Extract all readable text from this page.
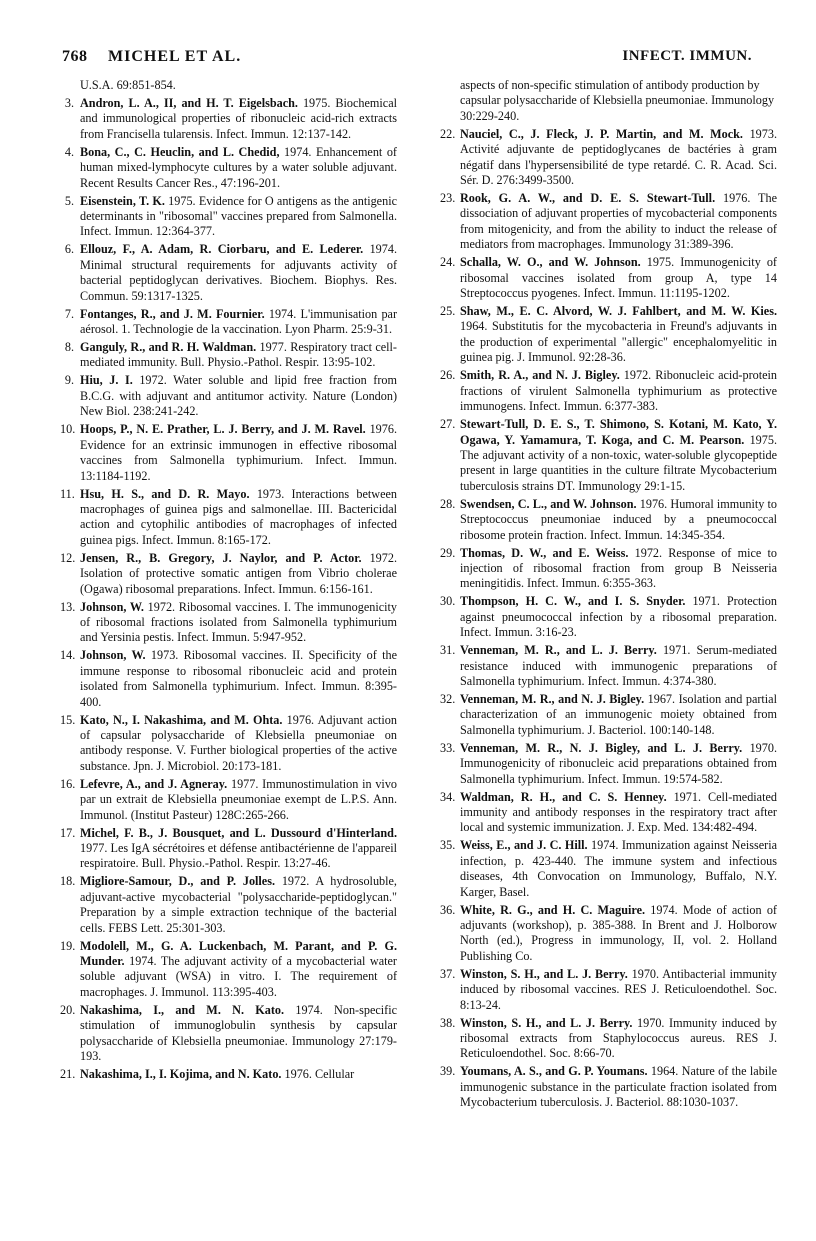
768 MICHEL ET AL.	INFECT. IMMUN.
U.S.A. 69:851-854.
3. Andron, L. A., II, and H. T. Eigelsbach. 1975. Biochemical and immunological properties of ribonucleic acid-rich extracts from Francisella tularensis. Infect. Immun. 12:137-142.
4. Bona, C., C. Heuclin, and L. Chedid, 1974. Enhancement of human mixed-lymphocyte cultures by a water soluble adjuvant. Recent Results Cancer Res., 47:196-201.
5. Eisenstein, T. K. 1975. Evidence for O antigens as the antigenic determinants in "ribosomal" vaccines prepared from Salmonella. Infect. Immun. 12:364-377.
6. Ellouz, F., A. Adam, R. Ciorbaru, and E. Lederer. 1974. Minimal structural requirements for adjuvants activity of bacterial peptidoglycan derivatives. Biochem. Biophys. Res. Commun. 59:1317-1325.
7. Fontanges, R., and J. M. Fournier. 1974. L'immunisation par aérosol. 1. Technologie de la vaccination. Lyon Pharm. 25:9-31.
8. Ganguly, R., and R. H. Waldman. 1977. Respiratory tract cell-mediated immunity. Bull. Physio.-Pathol. Respir. 13:95-102.
9. Hiu, J. I. 1972. Water soluble and lipid free fraction from B.C.G. with adjuvant and antitumor activity. Nature (London) New Biol. 238:241-242.
10. Hoops, P., N. E. Prather, L. J. Berry, and J. M. Ravel. 1976. Evidence for an extrinsic immunogen in effective ribosomal vaccines from Salmonella typhimurium. Infect. Immun. 13:1184-1192.
11. Hsu, H. S., and D. R. Mayo. 1973. Interactions between macrophages of guinea pigs and salmonellae. III. Bactericidal action and cytophilic antibodies of macrophages of infected guinea pigs. Infect. Immun. 8:165-172.
12. Jensen, R., B. Gregory, J. Naylor, and P. Actor. 1972. Isolation of protective somatic antigen from Vibrio cholerae (Ogawa) ribosomal preparations. Infect. Immun. 6:156-161.
13. Johnson, W. 1972. Ribosomal vaccines. I. The immunogenicity of ribosomal fractions isolated from Salmonella typhimurium and Yersinia pestis. Infect. Immun. 5:947-952.
14. Johnson, W. 1973. Ribosomal vaccines. II. Specificity of the immune response to ribosomal ribonucleic acid and protein isolated from Salmonella typhimurium. Infect. Immun. 8:395-400.
15. Kato, N., I. Nakashima, and M. Ohta. 1976. Adjuvant action of capsular polysaccharide of Klebsiella pneumoniae on antibody response. V. Further biological properties of the active substance. Jpn. J. Microbiol. 20:173-181.
16. Lefevre, A., and J. Agneray. 1977. Immunostimulation in vivo par un extrait de Klebsiella pneumoniae exempt de L.P.S. Ann. Immunol. (Institut Pasteur) 128C:265-266.
17. Michel, F. B., J. Bousquet, and L. Dussourd d'Hinterland. 1977. Les IgA sécrétoires et défense antibactérienne de l'appareil respiratoire. Bull. Physio.-Pathol. Respir. 13:27-46.
18. Migliore-Samour, D., and P. Jolles. 1972. A hydrosoluble, adjuvant-active mycobacterial "polysaccharide-peptidoglycan." Preparation by a simple extraction technique of the bacterial cells. FEBS Lett. 25:301-303.
19. Modolell, M., G. A. Luckenbach, M. Parant, and P. G. Munder. 1974. The adjuvant activity of a mycobacterial water soluble adjuvant (WSA) in vitro. I. The requirement of macrophages. J. Immunol. 113:395-403.
20. Nakashima, I., and M. N. Kato. 1974. Non-specific stimulation of immunoglobulin synthesis by capsular polysaccharide of Klebsiella pneumoniae. Immunology 27:179-193.
21. Nakashima, I., I. Kojima, and N. Kato. 1976. Cellular
aspects of non-specific stimulation of antibody production by capsular polysaccharide of Klebsiella pneumoniae. Immunology 30:229-240.
22. Nauciel, C., J. Fleck, J. P. Martin, and M. Mock. 1973. Activité adjuvante de peptidoglycanes de bactéries à gram négatif dans l'hypersensibilité de type retardé. C. R. Acad. Sci. Sér. D. 276:3499-3500.
23. Rook, G. A. W., and D. E. S. Stewart-Tull. 1976. The dissociation of adjuvant properties of mycobacterial components from mitogenicity, and from the ability to induct the release of mediators from macrophages. Immunology 31:389-396.
24. Schalla, W. O., and W. Johnson. 1975. Immunogenicity of ribosomal vaccines isolated from group A, type 14 Streptococcus pyogenes. Infect. Immun. 11:1195-1202.
25. Shaw, M., E. C. Alvord, W. J. Fahlbert, and M. W. Kies. 1964. Substitutis for the mycobacteria in Freund's adjuvants in the production of experimental "allergic" encephalomyelitic in guinea pig. J. Immunol. 92:28-36.
26. Smith, R. A., and N. J. Bigley. 1972. Ribonucleic acid-protein fractions of virulent Salmonella typhimurium as protective immunogens. Infect. Immun. 6:377-383.
27. Stewart-Tull, D. E. S., T. Shimono, S. Kotani, M. Kato, Y. Ogawa, Y. Yamamura, T. Koga, and C. M. Pearson. 1975. The adjuvant activity of a non-toxic, water-soluble glycopeptide present in large quantities in the culture filtrate Mycobacterium tuberculosis strains DT. Immunology 29:1-15.
28. Swendsen, C. L., and W. Johnson. 1976. Humoral immunity to Streptococcus pneumoniae induced by a pneumococcal ribosome protein fraction. Infect. Immun. 14:345-354.
29. Thomas, D. W., and E. Weiss. 1972. Response of mice to injection of ribosomal fraction from group B Neisseria meningitidis. Infect. Immun. 6:355-363.
30. Thompson, H. C. W., and I. S. Snyder. 1971. Protection against pneumococcal infection by a ribosomal preparation. Infect. Immun. 3:16-23.
31. Venneman, M. R., and L. J. Berry. 1971. Serum-mediated resistance induced with immunogenic preparations of Salmonella typhimurium. Infect. Immun. 4:374-380.
32. Venneman, M. R., and N. J. Bigley. 1967. Isolation and partial characterization of an immunogenic moiety obtained from Salmonella typhimurium. J. Bacteriol. 100:140-148.
33. Venneman, M. R., N. J. Bigley, and L. J. Berry. 1970. Immunogenicity of ribonucleic acid preparations obtained from Salmonella typhimurium. Infect. Immun. 19:574-582.
34. Waldman, R. H., and C. S. Henney. 1971. Cell-mediated immunity and antibody responses in the respiratory tract after local and systemic immunization. J. Exp. Med. 134:482-494.
35. Weiss, E., and J. C. Hill. 1974. Immunization against Neisseria infection, p. 423-440. The immune system and infectious diseases, 4th Convocation on Immunology, Buffalo, N.Y. Karger, Basel.
36. White, R. G., and H. C. Maguire. 1974. Mode of action of adjuvants (workshop), p. 385-388. In Brent and J. Holborow North (ed.), Progress in immunology, II, vol. 2. Holland Publishing Co.
37. Winston, S. H., and L. J. Berry. 1970. Antibacterial immunity induced by ribosomal vaccines. RES J. Reticuloendothel. Soc. 8:13-24.
38. Winston, S. H., and L. J. Berry. 1970. Immunity induced by ribosomal extracts from Staphylococcus aureus. RES J. Reticuloendothel. Soc. 8:66-70.
39. Youmans, A. S., and G. P. Youmans. 1964. Nature of the labile immunogenic substance in the particulate fraction isolated from Mycobacterium tuberculosis. J. Bacteriol. 88:1030-1037.
